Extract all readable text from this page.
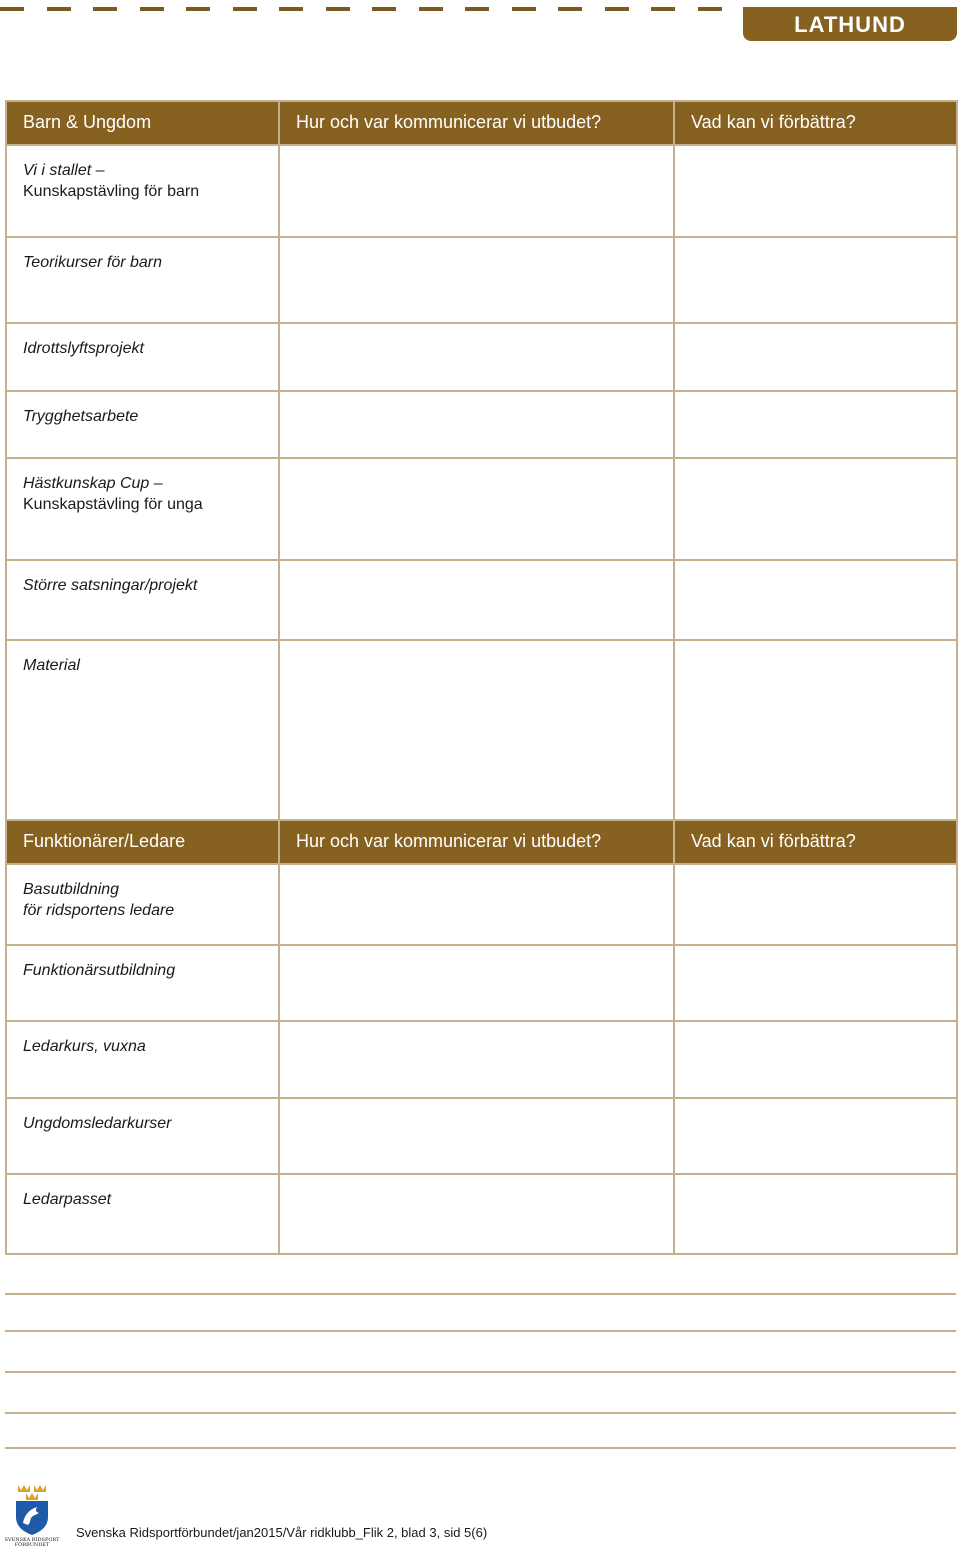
LATHUND
Barn & Ungdom	Hur och var kommunicerar vi utbudet?	Vad kan vi förbättra?
Vi i stallet –
Kunskapstävling för barn		
Teorikurser för barn		
Idrottslyftsprojekt		
Trygghetsarbete		
Hästkunskap Cup –
Kunskapstävling för unga		
Större satsningar/projekt		
Material		
Funktionärer/Ledare	Hur och var kommunicerar vi utbudet?	Vad kan vi förbättra?
Basutbildning
för ridsportens ledare		
Funktionärsutbildning		
Ledarkurs, vuxna		
Ungdomsledarkurser		
Ledarpasset		
SVENSKA RIDSPORT
FÖRBUNDET
Svenska Ridsportförbundet/jan2015/Vår ridklubb_Flik 2, blad 3, sid 5(6)
